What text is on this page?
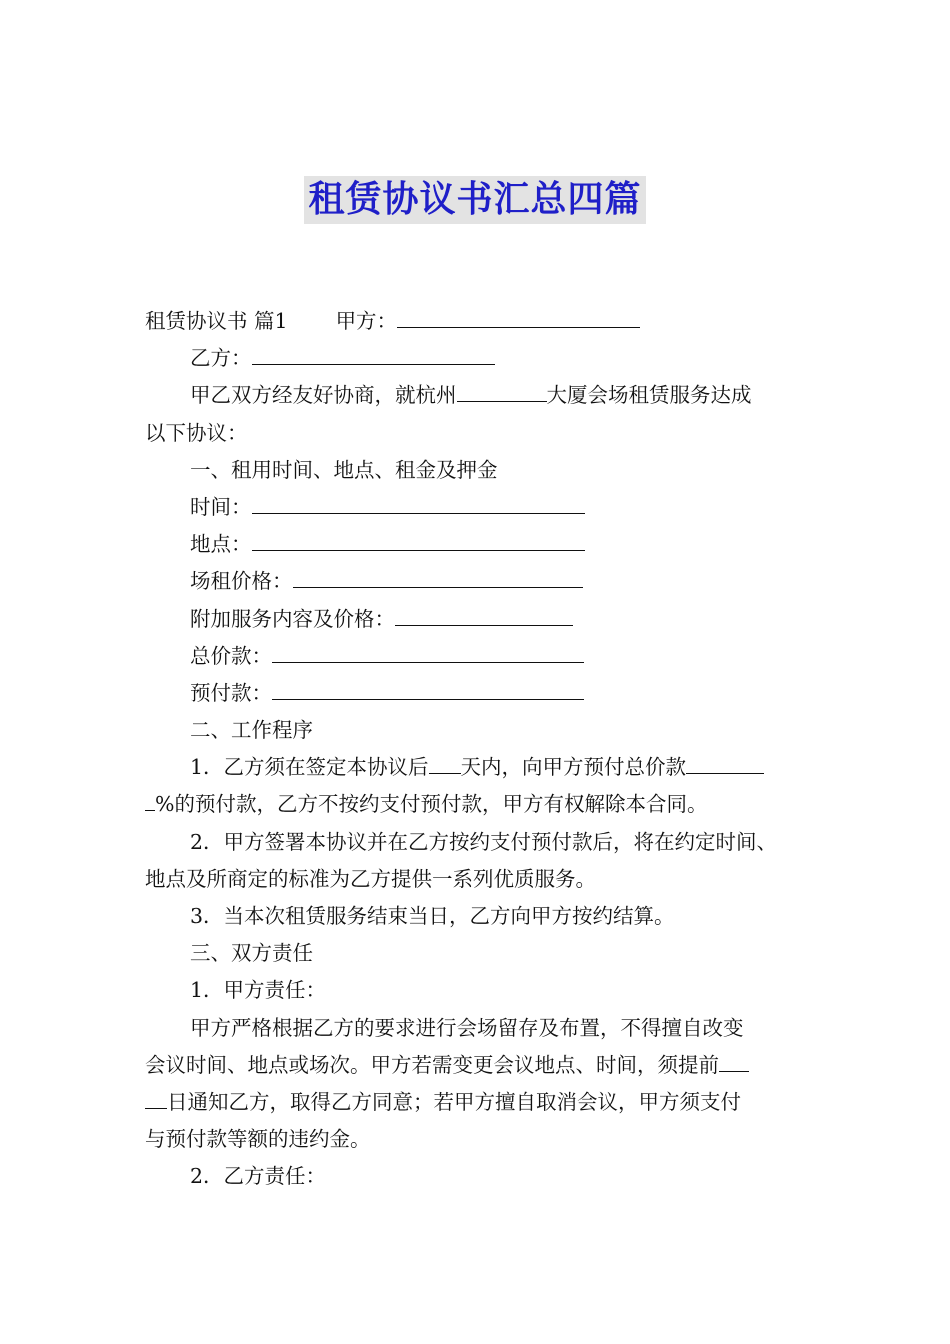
租赁协议书汇总四篇
租赁协议书 篇1 甲方：
乙方：
甲乙双方经友好协商，就杭州	大厦会场租赁服务达成
以下协议：
一、租用时间、地点、租金及押金
时间：
地点：
场租价格：
附加服务内容及价格：
总价款：
预付款：
二、工作程序
1．乙方须在签定本协议后 天内，向甲方预付总价款
%的预付款，乙方不按约支付预付款，甲方有权解除本合同。
2．甲方签署本协议并在乙方按约支付预付款后，将在约定时间、
地点及所商定的标准为乙方提供一系列优质服务。
3．当本次租赁服务结束当日，乙方向甲方按约结算。
三、双方责任
1．甲方责任：
甲方严格根据乙方的要求进行会场留存及布置，不得擅自改变
会议时间、地点或场次。甲方若需变更会议地点、时间，须提前
日通知乙方，取得乙方同意；若甲方擅自取消会议，甲方须支付
与预付款等额的违约金。
2．乙方责任：
